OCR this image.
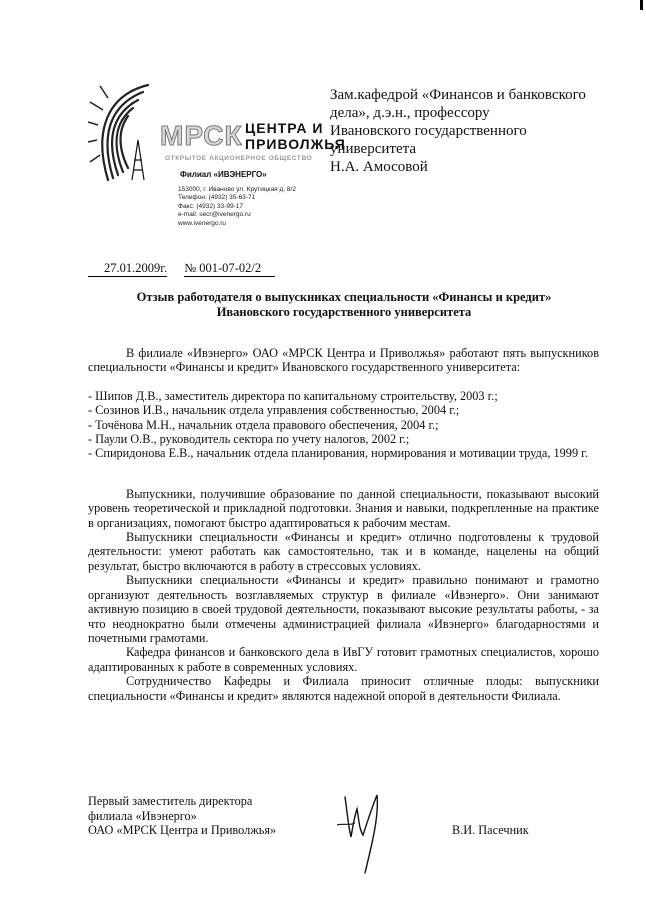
МРСК ЦЕНТРА И
ПРИВОЛЖЬЯ
ОТКРЫТОЕ АКЦИОНЕРНОЕ ОБЩЕСТВО
Филиал «ИВЭНЕРГО»
153000, г. Иваново ул. Крутицкая д. 8/2
Телефон: (4932) 35-63-71
Факс: (4932) 33-99-17
e-mail: secr@ivenergo.ru
www.ivenergo.ru
Зам.кафедрой «Финансов и банковского
дела», д.э.н., профессору
Ивановского государственного
университета
Н.А. Амосовой
27.01.2009г. № 001-07-02/2
Отзыв работодателя о выпускниках специальности «Финансы и кредит»
Ивановского государственного университета

В филиале «Ивэнерго» ОАО «МРСК Центра и Приволжья» работают пять выпускников специальности «Финансы и кредит» Ивановского государственного университета:

- Шипов Д.В., заместитель директора по капитальному строительству, 2003 г.;
- Созинов И.В., начальник отдела управления собственностью, 2004 г.;
- Точёнова М.Н., начальник отдела правового обеспечения, 2004 г.;
- Паули О.В., руководитель сектора по учету налогов, 2002 г.;
- Спиридонова Е.В., начальник отдела планирования, нормирования и мотивации труда, 1999 г.

Выпускники, получившие образование по данной специальности, показывают высокий уровень теоретической и прикладной подготовки. Знания и навыки, подкрепленные на практике в организациях, помогают быстро адаптироваться к рабочим местам.

Выпускники специальности «Финансы и кредит» отлично подготовлены к трудовой деятельности: умеют работать как самостоятельно, так и в команде, нацелены на общий результат, быстро включаются в работу в стрессовых условиях.

Выпускники специальности «Финансы и кредит» правильно понимают и грамотно организуют деятельность возглавляемых структур в филиале «Ивэнерго». Они занимают активную позицию в своей трудовой деятельности, показывают высокие результаты работы, - за что неоднократно были отмечены администрацией филиала «Ивэнерго» благодарностями и почетными грамотами.

Кафедра финансов и банковского дела в ИвГУ готовит грамотных специалистов, хорошо адаптированных к работе в современных условиях.

Сотрудничество Кафедры и Филиала приносит отличные плоды: выпускники специальности «Финансы и кредит» являются надежной опорой в деятельности Филиала.

Первый заместитель директора
филиала «Ивэнерго»
ОАО «МРСК Центра и Приволжья»	В.И. Пасечник
